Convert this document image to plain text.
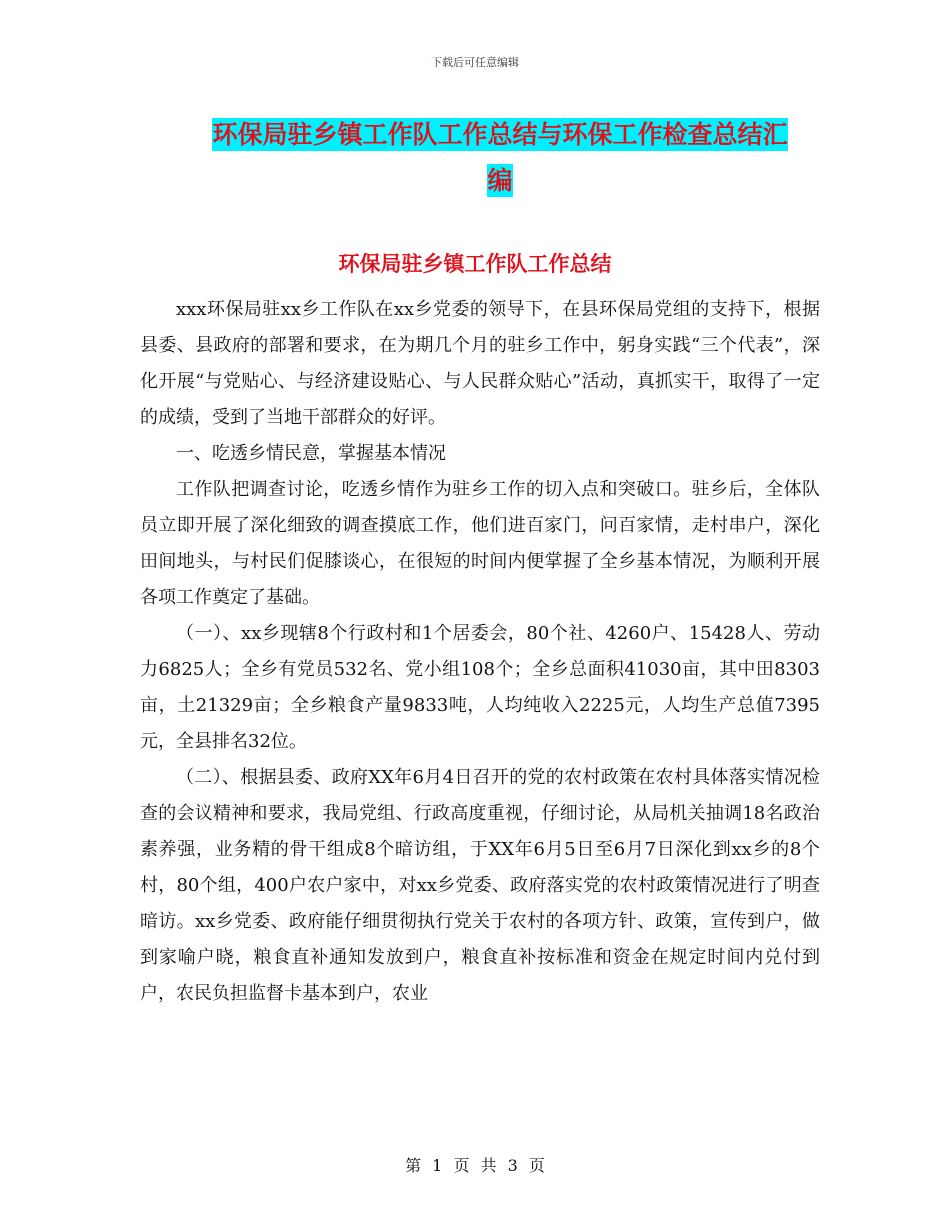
下载后可任意编辑
环保局驻乡镇工作队工作总结与环保工作检查总结汇
编
环保局驻乡镇工作队工作总结

xxx环保局驻xx乡工作队在xx乡党委的领导下，在县环保局党组的支持下，根据县委、县政府的部署和要求，在为期几个月的驻乡工作中，躬身实践“三个代表”，深化开展“与党贴心、与经济建设贴心、与人民群众贴心”活动，真抓实干，取得了一定的成绩，受到了当地干部群众的好评。

一、吃透乡情民意，掌握基本情况

工作队把调查讨论，吃透乡情作为驻乡工作的切入点和突破口。驻乡后，全体队员立即开展了深化细致的调查摸底工作，他们进百家门，问百家情，走村串户，深化田间地头，与村民们促膝谈心，在很短的时间内便掌握了全乡基本情况，为顺利开展各项工作奠定了基础。

（一）、xx乡现辖8个行政村和1个居委会，80个社、4260户、15428人、劳动力6825人；全乡有党员532名、党小组108个；全乡总面积41030亩，其中田8303亩，土21329亩；全乡粮食产量9833吨，人均纯收入2225元，人均生产总值7395元，全县排名32位。

（二）、根据县委、政府XX年6月4日召开的党的农村政策在农村具体落实情况检查的会议精神和要求，我局党组、行政高度重视，仔细讨论，从局机关抽调18名政治素养强，业务精的骨干组成8个暗访组，于XX年6月5日至6月7日深化到xx乡的8个村，80个组，400户农户家中，对xx乡党委、政府落实党的农村政策情况进行了明查暗访。xx乡党委、政府能仔细贯彻执行党关于农村的各项方针、政策，宣传到户，做到家喻户晓，粮食直补通知发放到户，粮食直补按标准和资金在规定时间内兑付到户，农民负担监督卡基本到户，农业

第 1 页 共 3 页
